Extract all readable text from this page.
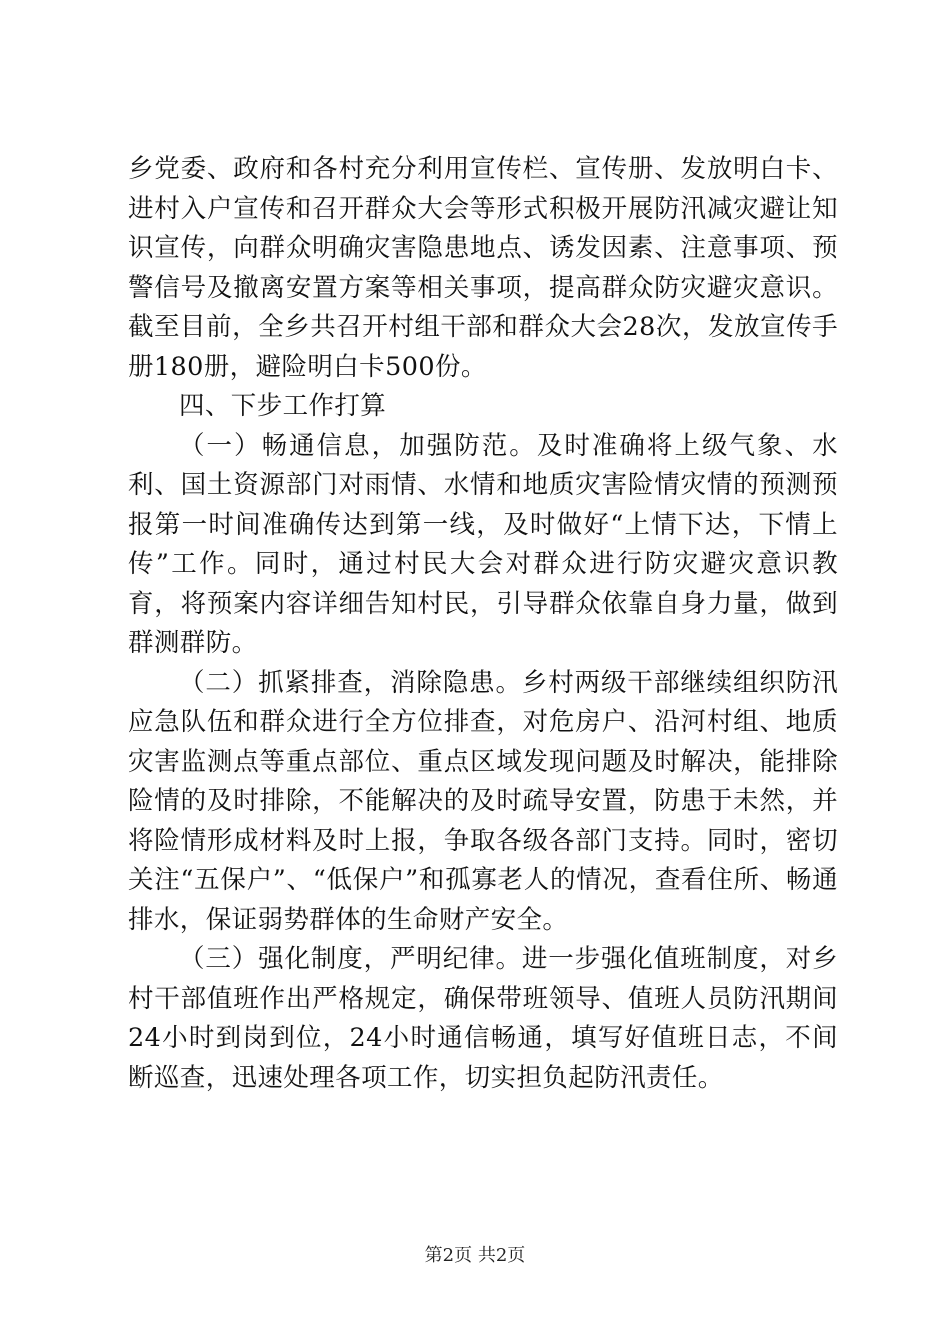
乡党委、政府和各村充分利用宣传栏、宣传册、发放明白卡、进村入户宣传和召开群众大会等形式积极开展防汛减灾避让知识宣传，向群众明确灾害隐患地点、诱发因素、注意事项、预警信号及撤离安置方案等相关事项，提高群众防灾避灾意识。截至目前，全乡共召开村组干部和群众大会28次，发放宣传手册180册，避险明白卡500份。

四、下步工作打算

（一）畅通信息，加强防范。及时准确将上级气象、水利、国土资源部门对雨情、水情和地质灾害险情灾情的预测预报第一时间准确传达到第一线，及时做好“上情下达，下情上传”工作。同时，通过村民大会对群众进行防灾避灾意识教育，将预案内容详细告知村民，引导群众依靠自身力量，做到群测群防。

（二）抓紧排查，消除隐患。乡村两级干部继续组织防汛应急队伍和群众进行全方位排查，对危房户、沿河村组、地质灾害监测点等重点部位、重点区域发现问题及时解决，能排除险情的及时排除，不能解决的及时疏导安置，防患于未然，并将险情形成材料及时上报，争取各级各部门支持。同时，密切关注“五保户”、“低保户”和孤寡老人的情况，查看住所、畅通排水，保证弱势群体的生命财产安全。

（三）强化制度，严明纪律。进一步强化值班制度，对乡村干部值班作出严格规定，确保带班领导、值班人员防汛期间24小时到岗到位，24小时通信畅通，填写好值班日志，不间断巡查，迅速处理各项工作，切实担负起防汛责任。

第2页 共2页
